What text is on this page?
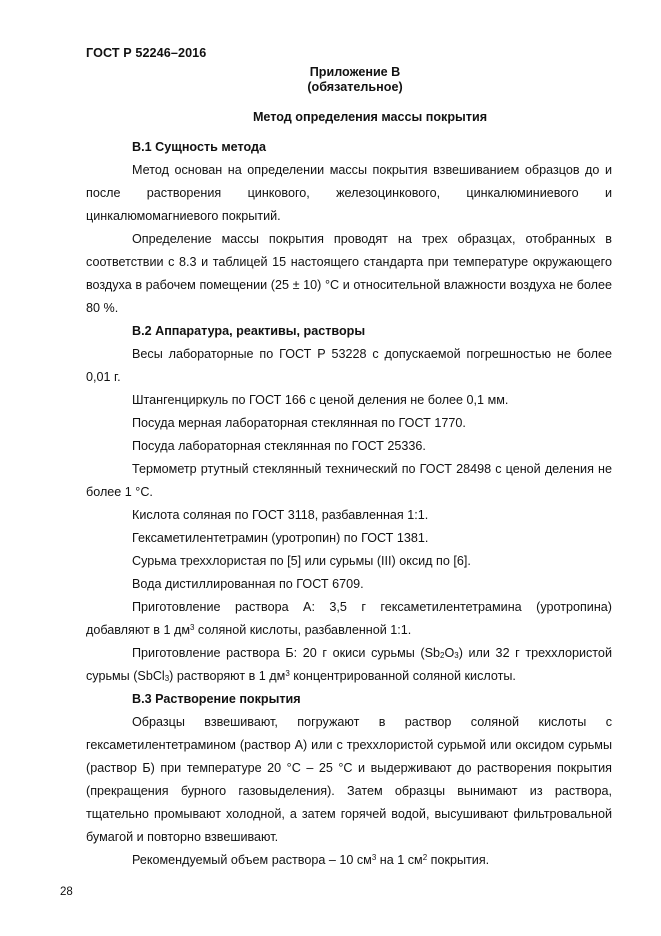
ГОСТ Р 52246–2016
Приложение В
(обязательное)
Метод определения массы покрытия
В.1 Сущность метода

Метод основан на определении массы покрытия взвешиванием образцов до и после растворения цинкового, железоцинкового, цинкалюминиевого и цинкалюмомагниевого покрытий.

Определение массы покрытия проводят на трех образцах, отобранных в соответствии с 8.3 и таблицей 15 настоящего стандарта при температуре окружающего воздуха в рабочем помещении (25 ± 10) °С и относительной влажности воздуха не более 80 %.

В.2 Аппаратура, реактивы, растворы

Весы лабораторные по ГОСТ Р 53228 с допускаемой погрешностью не более 0,01 г.

Штангенциркуль по ГОСТ 166 с ценой деления не более 0,1 мм.

Посуда мерная лабораторная стеклянная по ГОСТ 1770.

Посуда лабораторная стеклянная по ГОСТ 25336.

Термометр ртутный стеклянный технический по ГОСТ 28498 с ценой деления не более 1 °С.

Кислота соляная по ГОСТ 3118, разбавленная 1:1.

Гексаметилентетрамин (уротропин) по ГОСТ 1381.

Сурьма треххлористая по [5] или сурьмы (III) оксид по [6].

Вода дистиллированная по ГОСТ 6709.

Приготовление раствора А: 3,5 г гексаметилентетрамина (уротропина) добавляют в 1 $дм^3$ соляной кислоты, разбавленной 1:1.

Приготовление раствора Б: 20 г окиси сурьмы $(Sb_2O_3)$ или 32 г треххлористой сурьмы (SbCl$_3$) растворяют в 1 $дм^3$ концентрированной соляной кислоты.

В.3 Растворение покрытия

Образцы взвешивают, погружают в раствор соляной кислоты с гексаметилентетрамином (раствор А) или с треххлористой сурьмой или оксидом сурьмы (раствор Б) при температуре 20 °С – 25 °С и выдерживают до растворения покрытия (прекращения бурного газовыделения). Затем образцы вынимают из раствора, тщательно промывают холодной, а затем горячей водой, высушивают фильтровальной бумагой и повторно взвешивают.

Рекомендуемый объем раствора – 10 $см^3$ на 1 $см^2$ покрытия.

28
